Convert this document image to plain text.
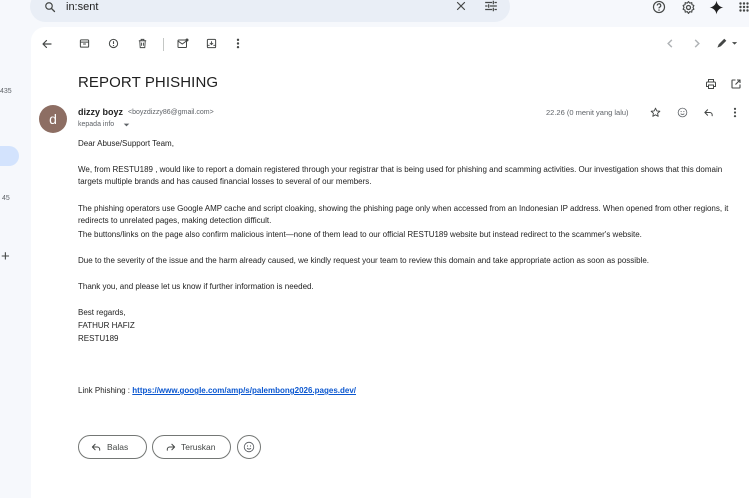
in:sent
435
45
+
REPORT PHISHING
d	dizzy boyz <boyzdizzy86@gmail.com>
kepada info
22.26 (0 menit yang lalu)
Dear Abuse/Support Team,
We, from RESTU189 , would like to report a domain registered through your registrar that is being used for phishing and scamming activities. Our investigation shows that this domain targets multiple brands and has caused financial losses to several of our members.
The phishing operators use Google AMP cache and script cloaking, showing the phishing page only when accessed from an Indonesian IP address. When opened from other regions, it redirects to unrelated pages, making detection difficult.
The buttons/links on the page also confirm malicious intent—none of them lead to our official RESTU189 website but instead redirect to the scammer's website.
Due to the severity of the issue and the harm already caused, we kindly request your team to review this domain and take appropriate action as soon as possible.
Thank you, and please let us know if further information is needed.
Best regards,
FATHUR HAFIZ
RESTU189
Link Phishing : https://www.google.com/amp/s/palembong2026.pages.dev/
Balas	Teruskan
